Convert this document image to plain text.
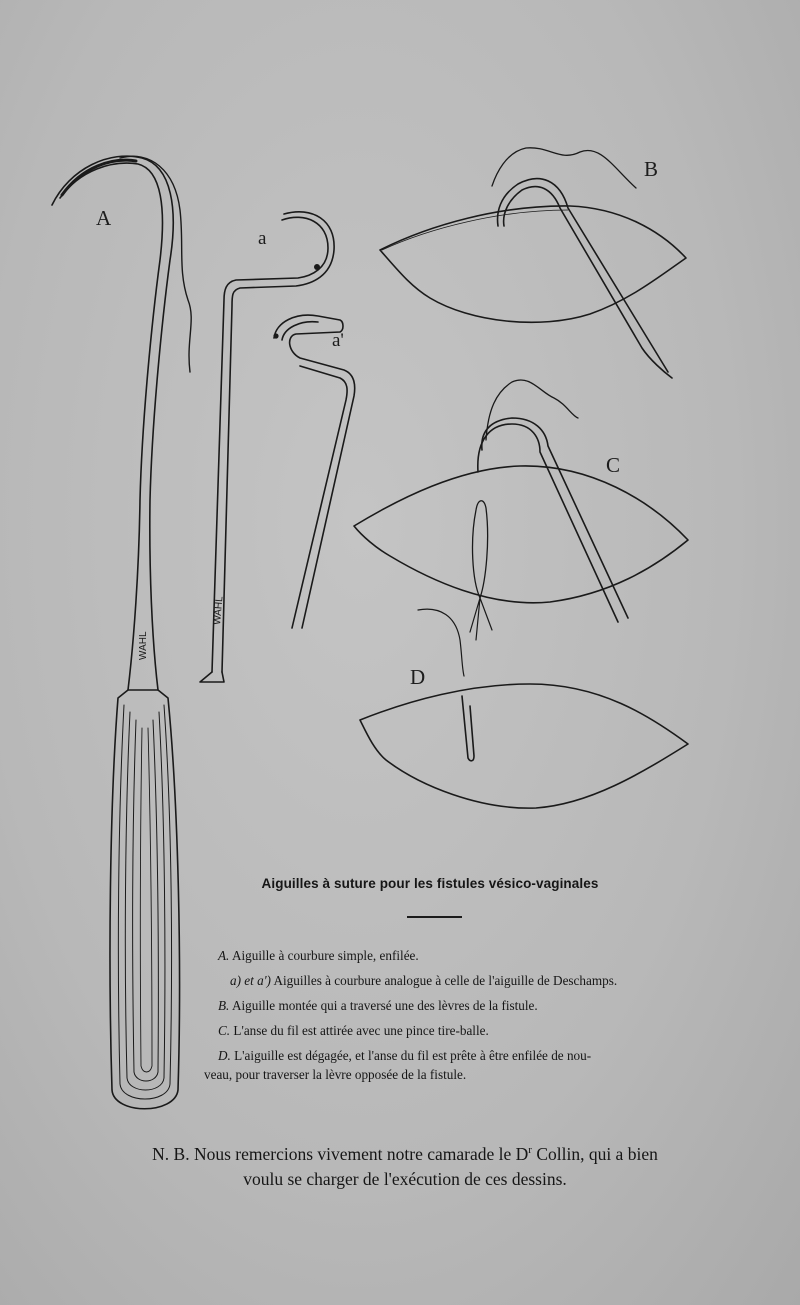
WAHL
WAHL
A
a
a'
B
C
D
Aiguilles à suture pour les fistules vésico-vaginales
A. Aiguille à courbure simple, enfilée.
a) et a') Aiguilles à courbure analogue à celle de l'aiguille de Deschamps.
B. Aiguille montée qui a traversé une des lèvres de la fistule.
C. L'anse du fil est attirée avec une pince tire-balle.
D. L'aiguille est dégagée, et l'anse du fil est prête à être enfilée de nou-
veau, pour traverser la lèvre opposée de la fistule.
N. B. Nous remercions vivement notre camarade le $D^r$ Collin, qui a bien
voulu se charger de l'exécution de ces dessins.
